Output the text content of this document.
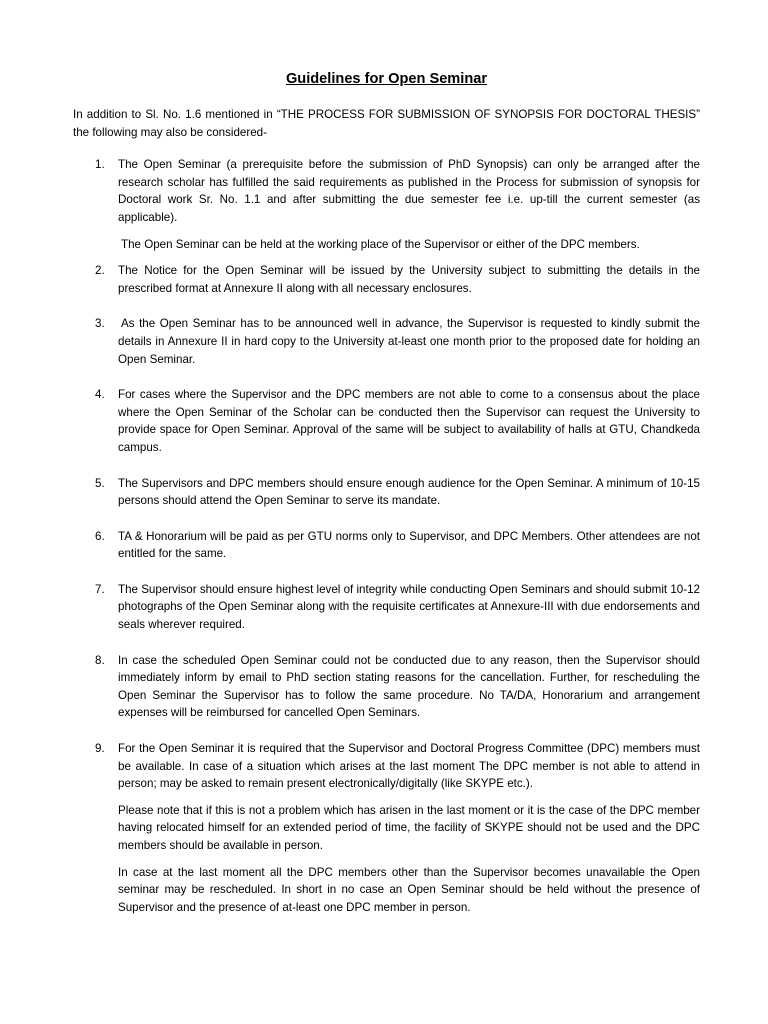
Guidelines for Open Seminar

In addition to Sl. No. 1.6 mentioned in “THE PROCESS FOR SUBMISSION OF SYNOPSIS FOR DOCTORAL THESIS” the following may also be considered-

1. The Open Seminar (a prerequisite before the submission of PhD Synopsis) can only be arranged after the research scholar has fulfilled the said requirements as published in the Process for submission of synopsis for Doctoral work Sr. No. 1.1 and after submitting the due semester fee i.e. up-till the current semester (as applicable).

The Open Seminar can be held at the working place of the Supervisor or either of the DPC members.

2. The Notice for the Open Seminar will be issued by the University subject to submitting the details in the prescribed format at Annexure II along with all necessary enclosures.

3. As the Open Seminar has to be announced well in advance, the Supervisor is requested to kindly submit the details in Annexure II in hard copy to the University at-least one month prior to the proposed date for holding an Open Seminar.

4. For cases where the Supervisor and the DPC members are not able to come to a consensus about the place where the Open Seminar of the Scholar can be conducted then the Supervisor can request the University to provide space for Open Seminar. Approval of the same will be subject to availability of halls at GTU, Chandkeda campus.

5. The Supervisors and DPC members should ensure enough audience for the Open Seminar. A minimum of 10-15 persons should attend the Open Seminar to serve its mandate.

6. TA & Honorarium will be paid as per GTU norms only to Supervisor, and DPC Members. Other attendees are not entitled for the same.

7. The Supervisor should ensure highest level of integrity while conducting Open Seminars and should submit 10-12 photographs of the Open Seminar along with the requisite certificates at Annexure-III with due endorsements and seals wherever required.

8. In case the scheduled Open Seminar could not be conducted due to any reason, then the Supervisor should immediately inform by email to PhD section stating reasons for the cancellation. Further, for rescheduling the Open Seminar the Supervisor has to follow the same procedure. No TA/DA, Honorarium and arrangement expenses will be reimbursed for cancelled Open Seminars.

9. For the Open Seminar it is required that the Supervisor and Doctoral Progress Committee (DPC) members must be available. In case of a situation which arises at the last moment The DPC member is not able to attend in person; may be asked to remain present electronically/digitally (like SKYPE etc.).

Please note that if this is not a problem which has arisen in the last moment or it is the case of the DPC member having relocated himself for an extended period of time, the facility of SKYPE should not be used and the DPC members should be available in person.

In case at the last moment all the DPC members other than the Supervisor becomes unavailable the Open seminar may be rescheduled. In short in no case an Open Seminar should be held without the presence of Supervisor and the presence of at-least one DPC member in person.
